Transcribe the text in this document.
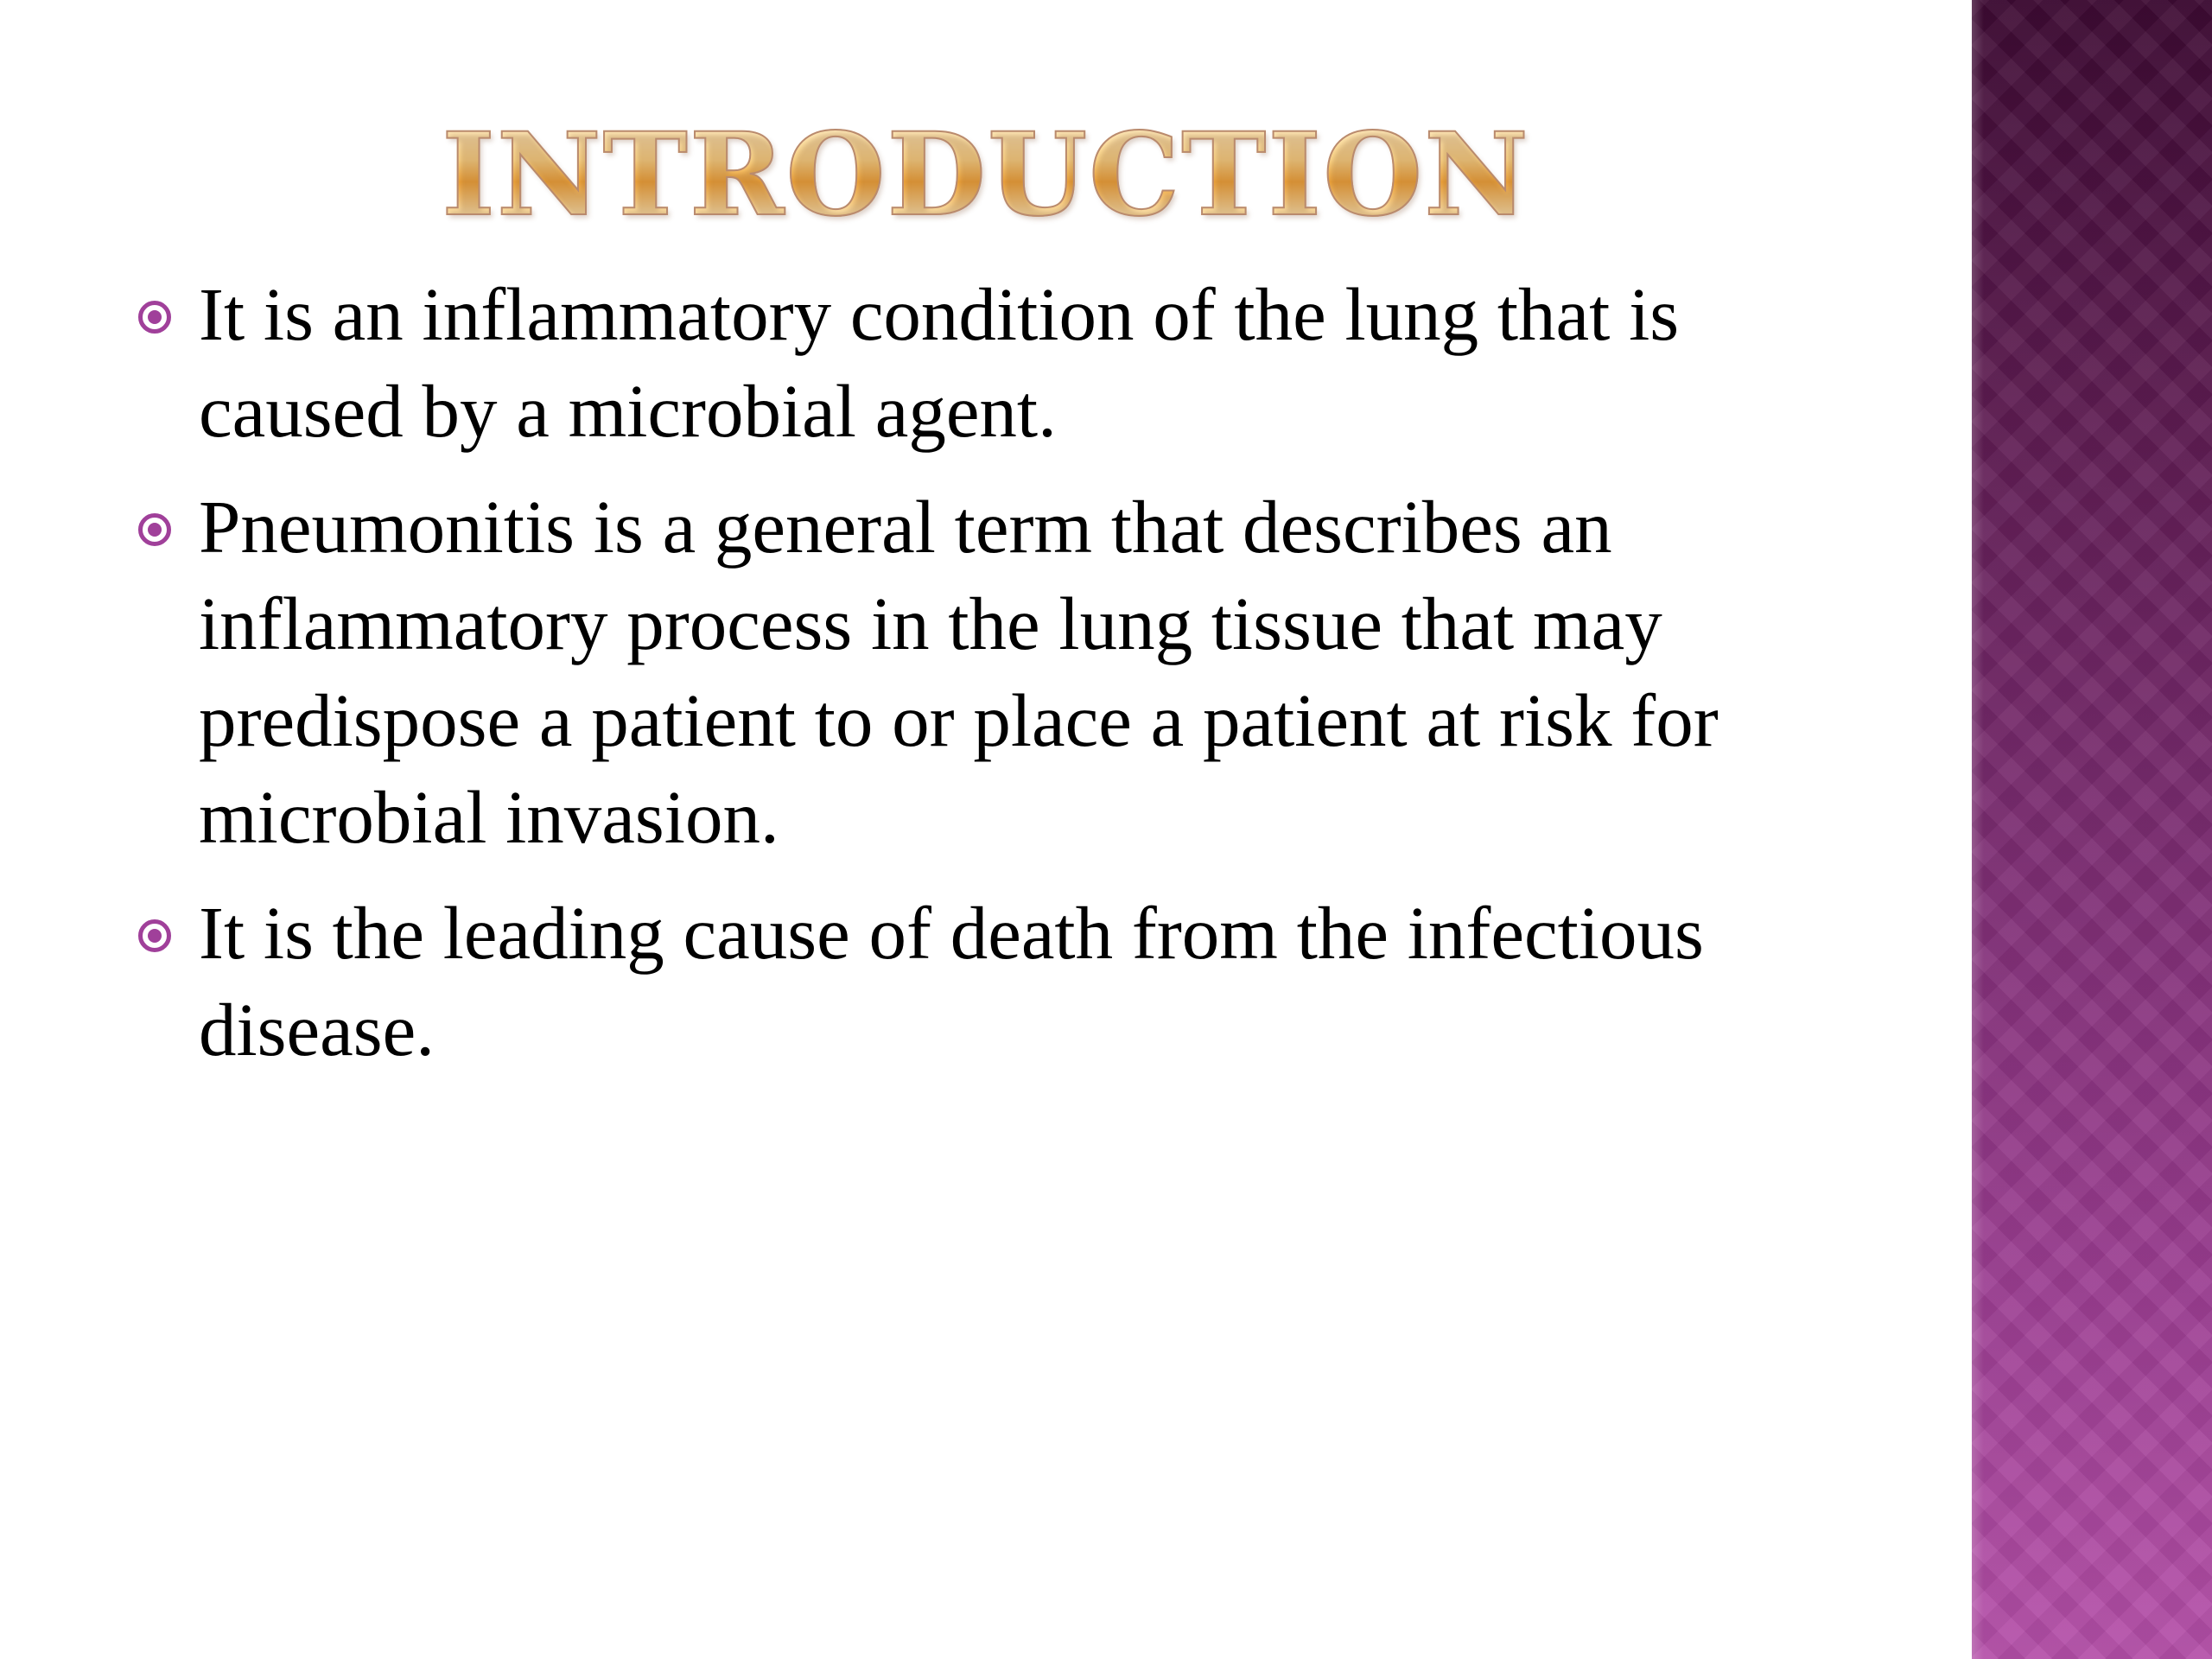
INTRODUCTION
It is an inflammatory condition of the lung that is caused by a microbial agent.
Pneumonitis is a general term that describes an inflammatory process in the lung tissue that may predispose a patient to or place a patient at risk for microbial invasion.
It is the leading cause of death from the infectious disease.
